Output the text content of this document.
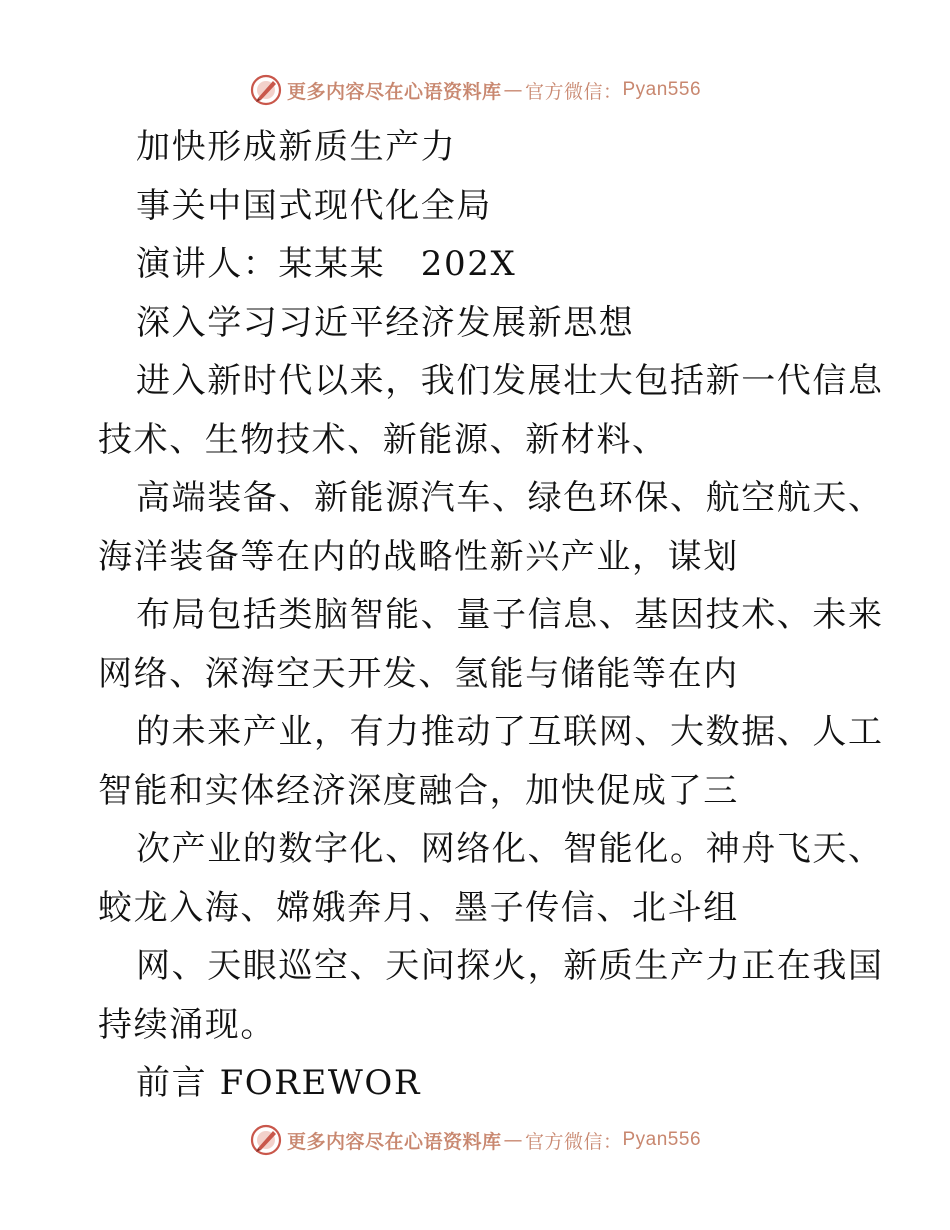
更多内容尽在心语资料库 — 官方微信： Pyan556
加快形成新质生产力
事关中国式现代化全局
演讲人：某某某　202X
深入学习习近平经济发展新思想
进入新时代以来，我们发展壮大包括新一代信息
技术、生物技术、新能源、新材料、
高端装备、新能源汽车、绿色环保、航空航天、
海洋装备等在内的战略性新兴产业，谋划
布局包括类脑智能、量子信息、基因技术、未来
网络、深海空天开发、氢能与储能等在内
的未来产业，有力推动了互联网、大数据、人工
智能和实体经济深度融合，加快促成了三
次产业的数字化、网络化、智能化。神舟飞天、
蛟龙入海、嫦娥奔月、墨子传信、北斗组
网、天眼巡空、天问探火，新质生产力正在我国
持续涌现。
前言 FOREWOR
更多内容尽在心语资料库 — 官方微信： Pyan556
